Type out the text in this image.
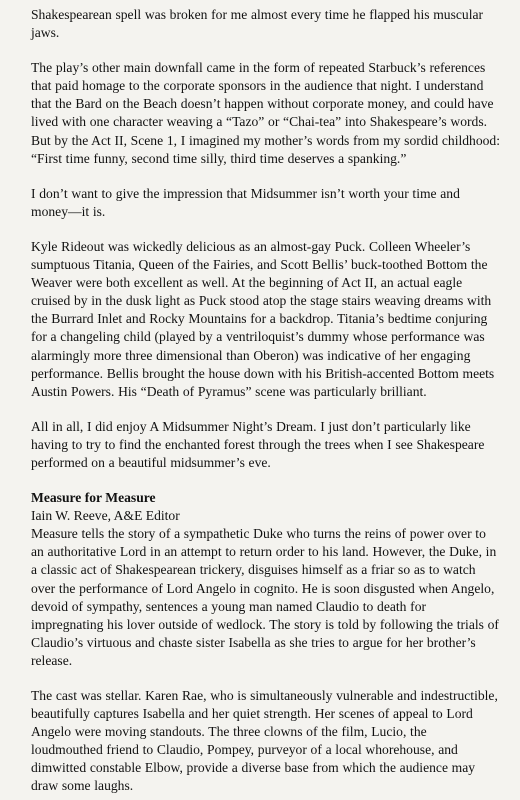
Shakespearean spell was broken for me almost every time he flapped his muscular jaws.

The play’s other main downfall came in the form of repeated Starbuck’s references that paid homage to the corporate sponsors in the audience that night. I understand that the Bard on the Beach doesn’t happen without corporate money, and could have lived with one character weaving a “Tazo” or “Chai-tea” into Shakespeare’s words. But by the Act II, Scene 1, I imagined my mother’s words from my sordid childhood: “First time funny, second time silly, third time deserves a spanking.”

I don’t want to give the impression that Midsummer isn’t worth your time and money—it is.

Kyle Rideout was wickedly delicious as an almost-gay Puck. Colleen Wheeler’s sumptuous Titania, Queen of the Fairies, and Scott Bellis’ buck-toothed Bottom the Weaver were both excellent as well. At the beginning of Act II, an actual eagle cruised by in the dusk light as Puck stood atop the stage stairs weaving dreams with the Burrard Inlet and Rocky Mountains for a backdrop. Titania’s bedtime conjuring for a changeling child (played by a ventriloquist’s dummy whose performance was alarmingly more three dimensional than Oberon) was indicative of her engaging performance. Bellis brought the house down with his British-accented Bottom meets Austin Powers. His “Death of Pyramus” scene was particularly brilliant.

All in all, I did enjoy A Midsummer Night’s Dream. I just don’t particularly like having to try to find the enchanted forest through the trees when I see Shakespeare performed on a beautiful midsummer’s eve.

Measure for Measure

Iain W. Reeve, A&E Editor

Measure tells the story of a sympathetic Duke who turns the reins of power over to an authoritative Lord in an attempt to return order to his land. However, the Duke, in a classic act of Shakespearean trickery, disguises himself as a friar so as to watch over the performance of Lord Angelo in cognito. He is soon disgusted when Angelo, devoid of sympathy, sentences a young man named Claudio to death for impregnating his lover outside of wedlock. The story is told by following the trials of Claudio’s virtuous and chaste sister Isabella as she tries to argue for her brother’s release.

The cast was stellar. Karen Rae, who is simultaneously vulnerable and indestructible, beautifully captures Isabella and her quiet strength. Her scenes of appeal to Lord Angelo were moving standouts. The three clowns of the film, Lucio, the loudmouthed friend to Claudio, Pompey, purveyor of a local whorehouse, and dimwitted constable Elbow, provide a diverse base from which the audience may draw some laughs.
